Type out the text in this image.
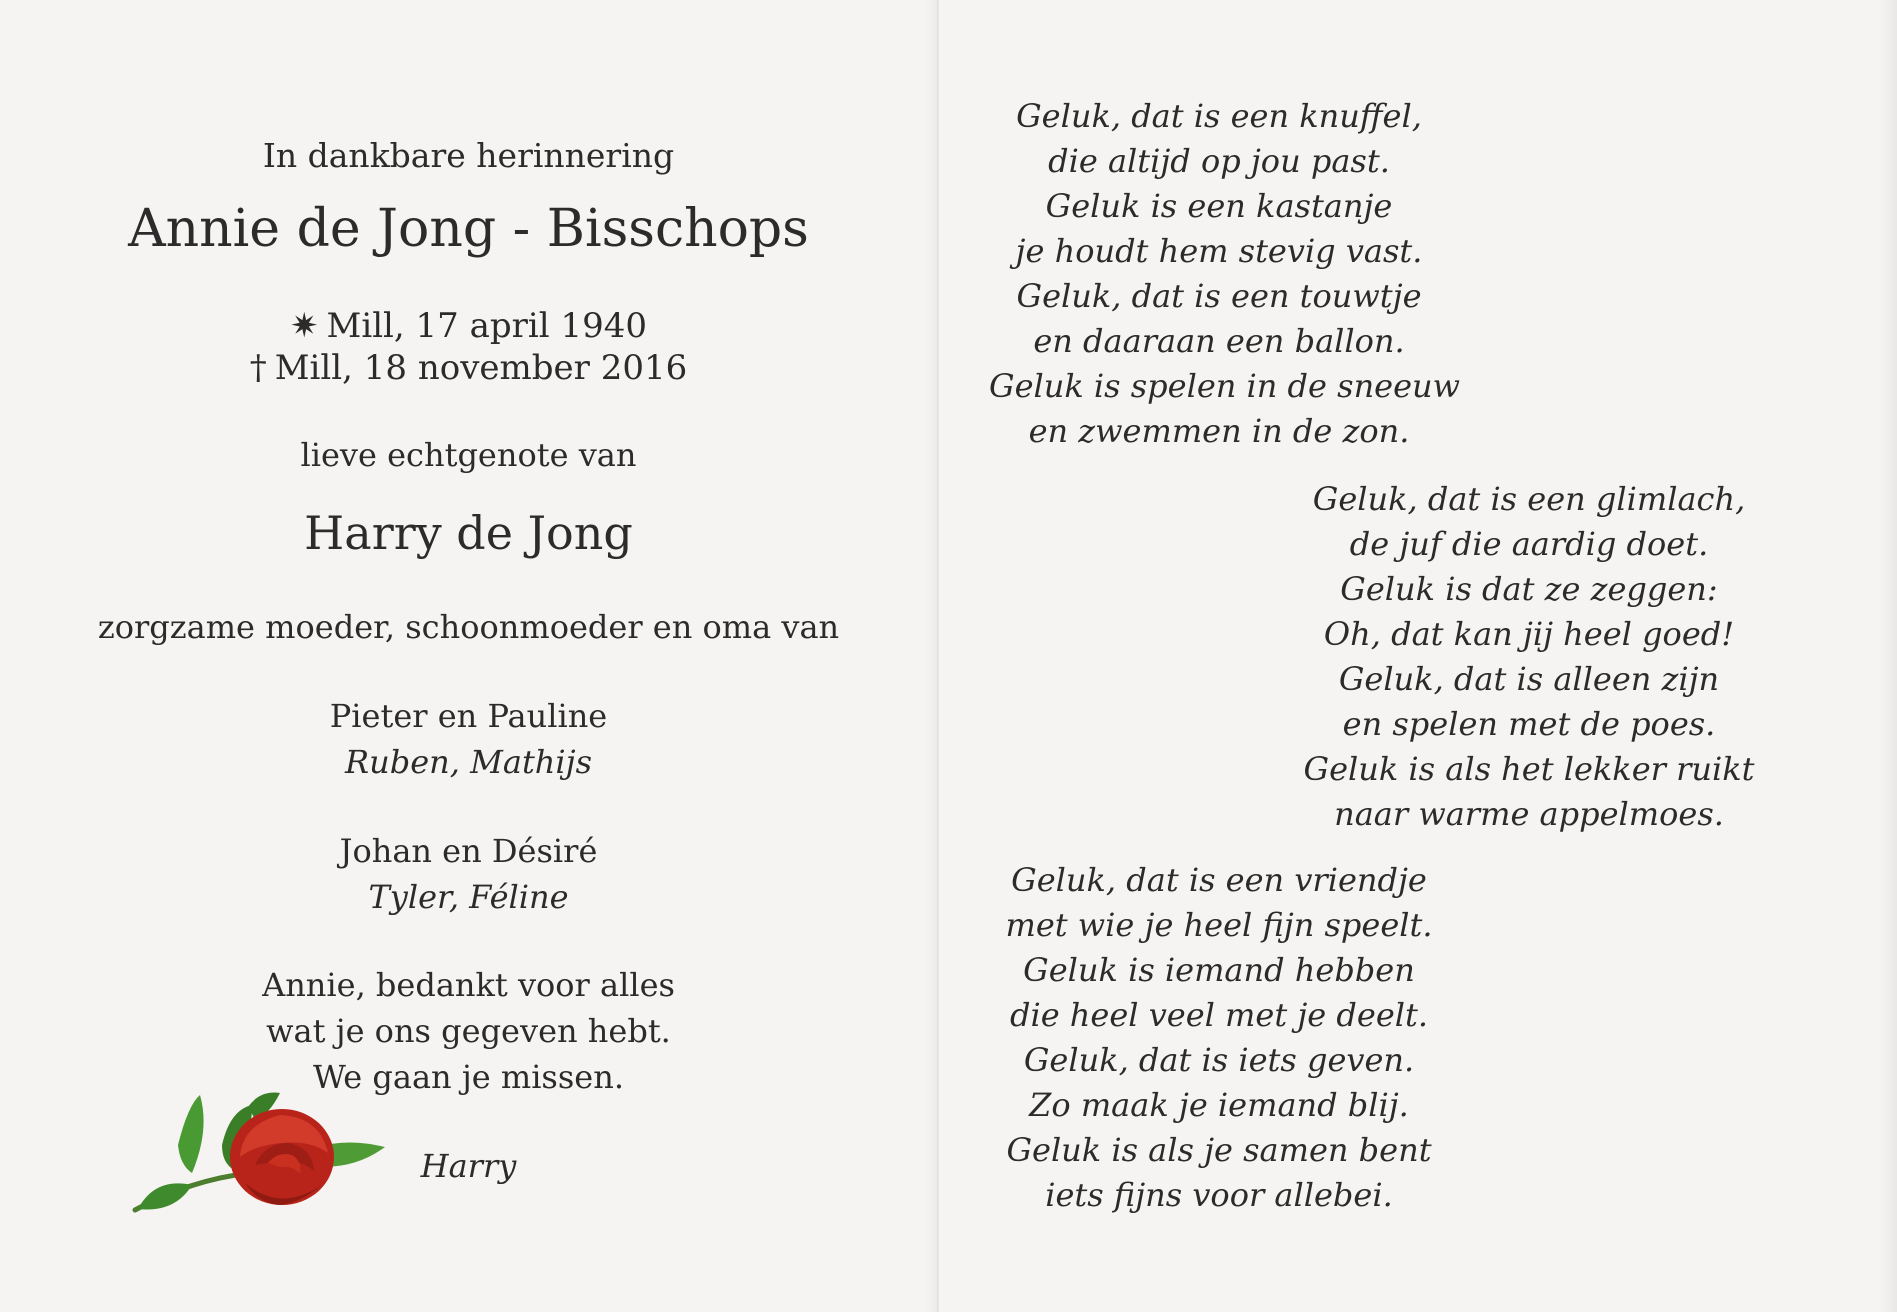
In dankbare herinnering
Annie de Jong - Bisschops
✷ Mill, 17 april 1940
† Mill, 18 november 2016
lieve echtgenote van
Harry de Jong
zorgzame moeder, schoonmoeder en oma van
Pieter en Pauline
Ruben, Mathijs
Johan en Désiré
Tyler, Féline
Annie, bedankt voor alles
wat je ons gegeven hebt.
We gaan je missen.
Harry
Geluk, dat is een knuffel,
die altijd op jou past.
Geluk is een kastanje
je houdt hem stevig vast.
Geluk, dat is een touwtje
en daaraan een ballon.
Geluk is spelen in de sneeuw
en zwemmen in de zon.
Geluk, dat is een glimlach,
de juf die aardig doet.
Geluk is dat ze zeggen:
Oh, dat kan jij heel goed!
Geluk, dat is alleen zijn
en spelen met de poes.
Geluk is als het lekker ruikt
naar warme appelmoes.
Geluk, dat is een vriendje
met wie je heel fijn speelt.
Geluk is iemand hebben
die heel veel met je deelt.
Geluk, dat is iets geven.
Zo maak je iemand blij.
Geluk is als je samen bent
iets fijns voor allebei.
